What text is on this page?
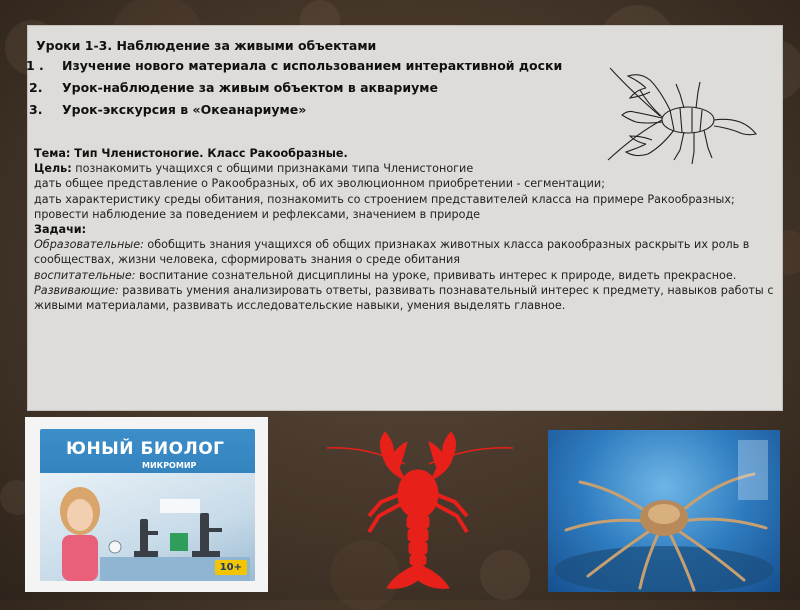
Уроки 1-3. Наблюдение за живыми объектами
1 . Изучение нового материала с использованием интерактивной доски
2. Урок-наблюдение за живым объектом в аквариуме
3. Урок-экскурсия в «Океанариуме»

Тема: Тип Членистоногие. Класс Ракообразные.

Цель: познакомить учащихся с общими признаками типа Членистоногие

дать общее представление о Ракообразных, об их эволюционном приобретении - сегментации;

дать характеристику среды обитания, познакомить со строением представителей класса на примере Ракообразных;

провести наблюдение за поведением и рефлексами, значением в природе

Задачи:

Образовательные: обобщить знания учащихся об общих признаках животных класса ракообразных раскрыть их роль в сообществах, жизни человека, сформировать знания о среде обитания

воспитательные: воспитание сознательной дисциплины на уроке, прививать интерес к природе, видеть прекрасное.

Развивающие: развивать умения анализировать ответы, развивать познавательный интерес к предмету, навыков работы с живыми материалами, развивать исследовательские навыки, умения выделять главное.

ЮНЫЙ БИОЛОГ
МИКРОМИР
10+
